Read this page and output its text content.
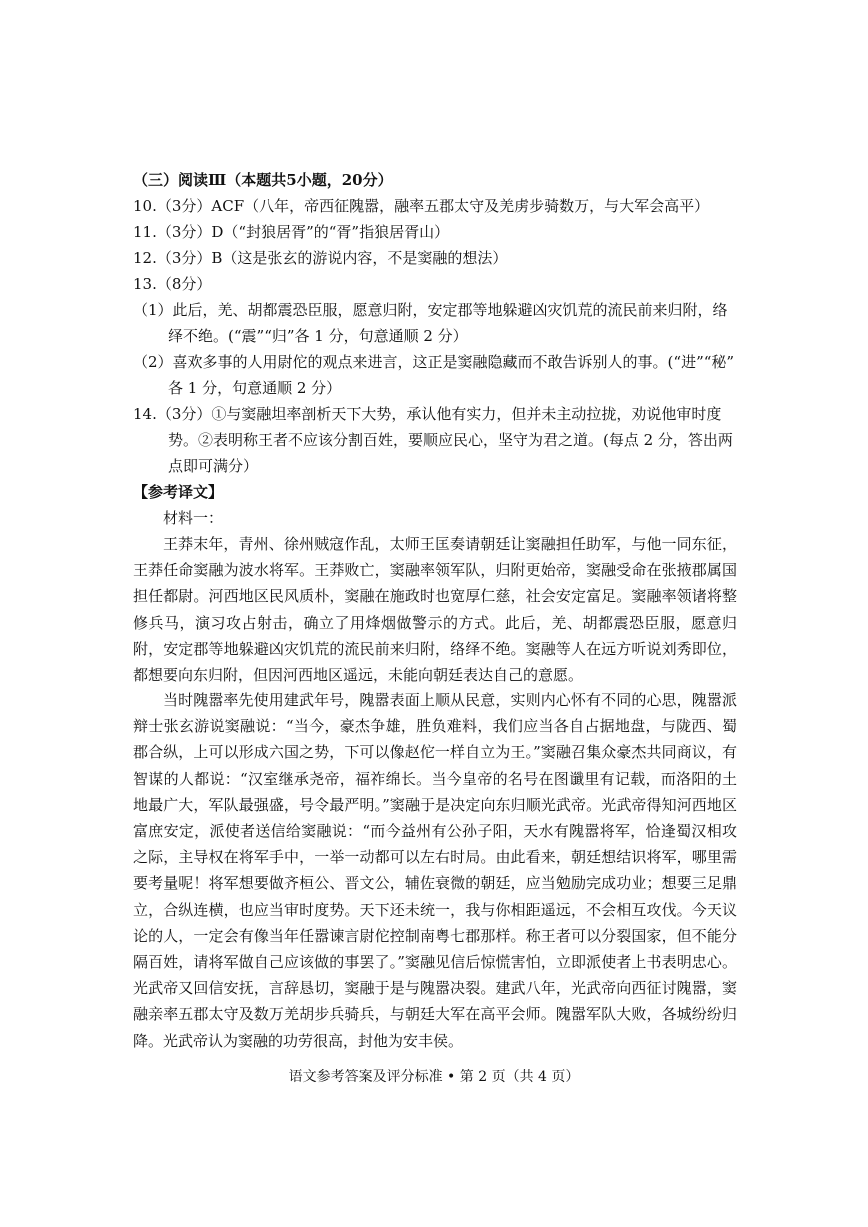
（三）阅读Ⅲ（本题共5小题，20分）
10.（3分）ACF（八年，帝西征隗嚣，融率五郡太守及羌虏步骑数万，与大军会高平）
11.（3分）D（“封狼居胥”的“胥”指狼居胥山）
12.（3分）B（这是张玄的游说内容，不是窦融的想法）
13.（8分）
（1）此后，羌、胡都震恐臣服，愿意归附，安定郡等地躲避凶灾饥荒的流民前来归附，络
绎不绝。(“震”“归”各 1 分，句意通顺 2 分）
（2）喜欢多事的人用尉佗的观点来进言，这正是窦融隐藏而不敢告诉别人的事。(“进”“秘”
各 1 分，句意通顺 2 分）
14.（3分）①与窦融坦率剖析天下大势，承认他有实力，但并未主动拉拢，劝说他审时度
势。②表明称王者不应该分割百姓，要顺应民心，坚守为君之道。(每点 2 分，答出两
点即可满分）
【参考译文】
材料一：

王莽末年，青州、徐州贼寇作乱，太师王匡奏请朝廷让窦融担任助军，与他一同东征，王莽任命窦融为波水将军。王莽败亡，窦融率领军队，归附更始帝，窦融受命在张掖郡属国担任都尉。河西地区民风质朴，窦融在施政时也宽厚仁慈，社会安定富足。窦融率领诸将整修兵马，演习攻占射击，确立了用烽烟做警示的方式。此后，羌、胡都震恐臣服，愿意归附，安定郡等地躲避凶灾饥荒的流民前来归附，络绎不绝。窦融等人在远方听说刘秀即位，都想要向东归附，但因河西地区遥远，未能向朝廷表达自己的意愿。

当时隗嚣率先使用建武年号，隗嚣表面上顺从民意，实则内心怀有不同的心思，隗嚣派辩士张玄游说窦融说：“当今，豪杰争雄，胜负难料，我们应当各自占据地盘，与陇西、蜀郡合纵，上可以形成六国之势，下可以像赵佗一样自立为王。”窦融召集众豪杰共同商议，有智谋的人都说：“汉室继承尧帝，福祚绵长。当今皇帝的名号在图谶里有记载，而洛阳的土地最广大，军队最强盛，号令最严明。”窦融于是决定向东归顺光武帝。光武帝得知河西地区富庶安定，派使者送信给窦融说：“而今益州有公孙子阳，天水有隗嚣将军，恰逢蜀汉相攻之际，主导权在将军手中，一举一动都可以左右时局。由此看来，朝廷想结识将军，哪里需要考量呢！将军想要做齐桓公、晋文公，辅佐衰微的朝廷，应当勉励完成功业；想要三足鼎立，合纵连横，也应当审时度势。天下还未统一，我与你相距遥远，不会相互攻伐。今天议论的人，一定会有像当年任嚣谏言尉佗控制南粤七郡那样。称王者可以分裂国家，但不能分隔百姓，请将军做自己应该做的事罢了。”窦融见信后惊慌害怕，立即派使者上书表明忠心。光武帝又回信安抚，言辞恳切，窦融于是与隗嚣决裂。建武八年，光武帝向西征讨隗嚣，窦融亲率五郡太守及数万羌胡步兵骑兵，与朝廷大军在高平会师。隗嚣军队大败，各城纷纷归降。光武帝认为窦融的功劳很高，封他为安丰侯。

语文参考答案及评分标准 • 第 2 页（共 4 页）
